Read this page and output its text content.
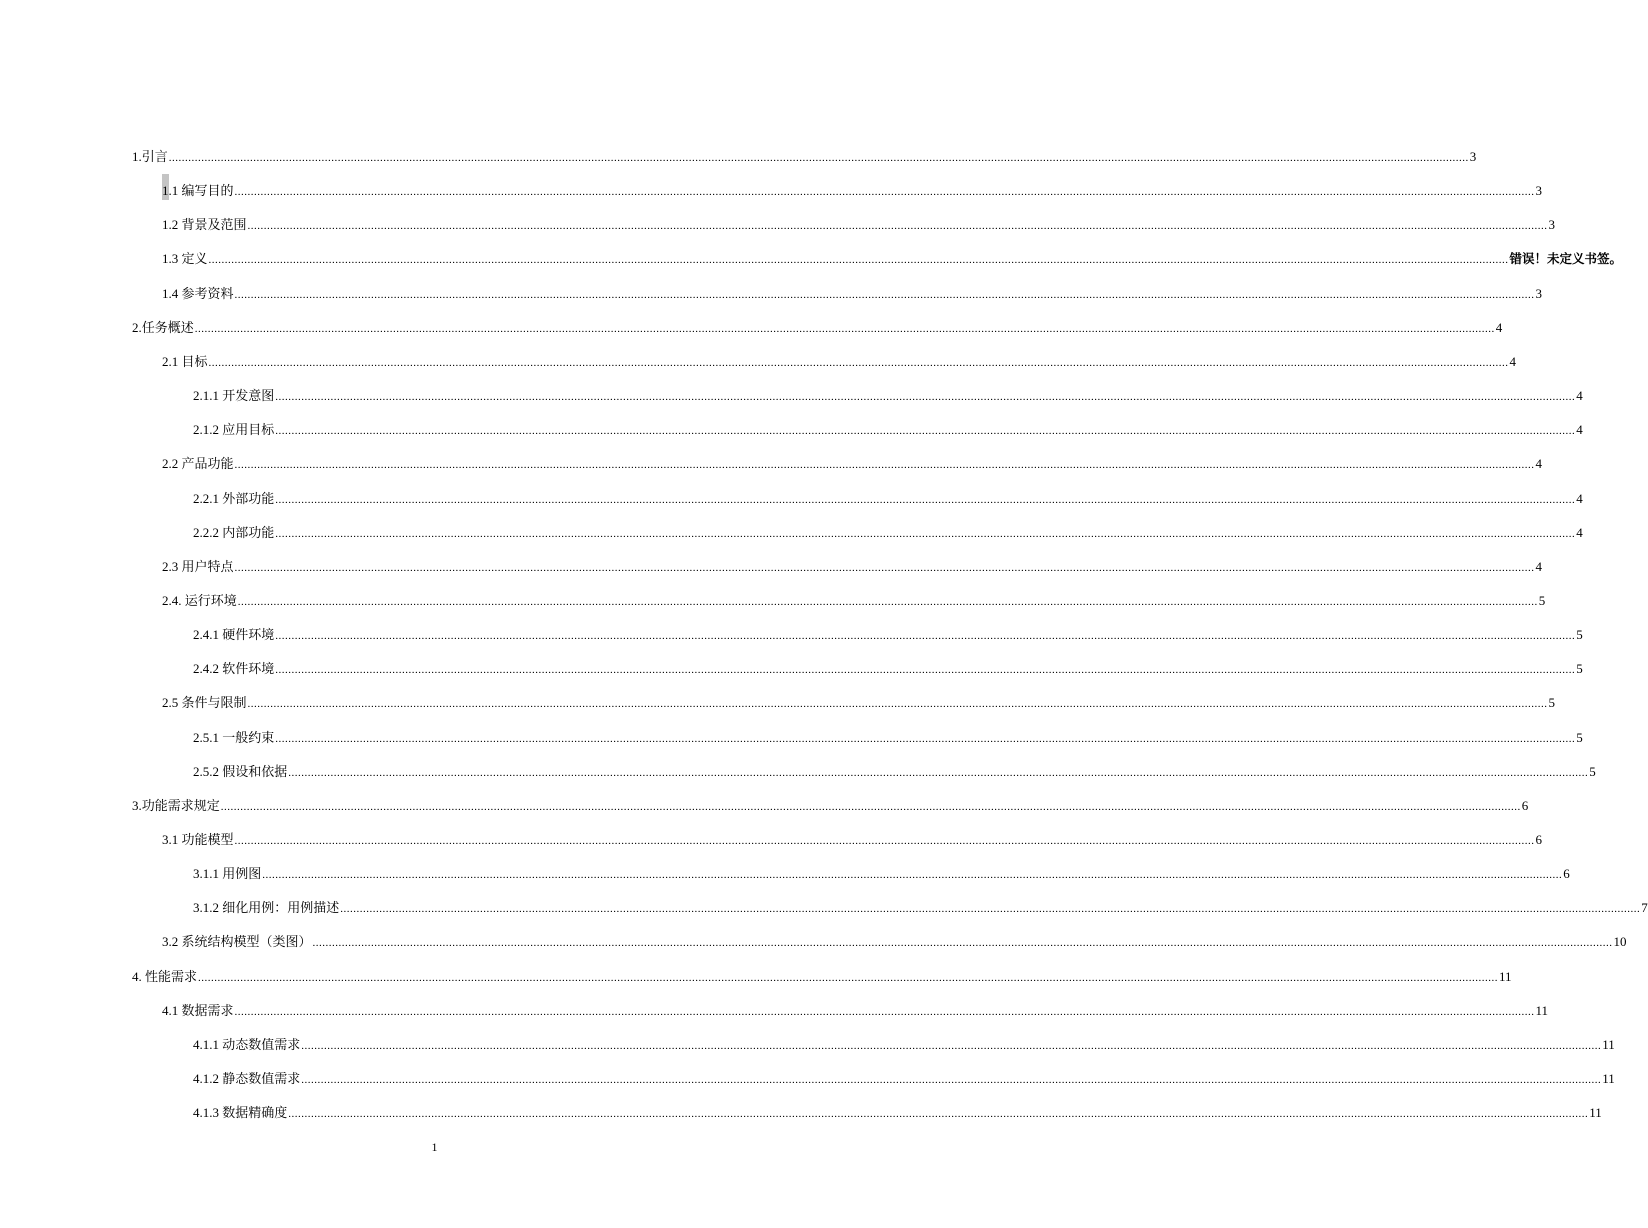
1.引言 ................................................................................................................................................................................................................................................................................................................................................................................................................ 3
1.1 编写目的 ................................................................................................................................................................................................................................................................................................................................................................................................................ 3
1.2 背景及范围 ................................................................................................................................................................................................................................................................................................................................................................................................................ 3
1.3 定义 ................................................................................................................................................................................................................................................................................................................................................................................................................ 错误！未定义书签。
1.4 参考资料 ................................................................................................................................................................................................................................................................................................................................................................................................................ 3
2.任务概述 ................................................................................................................................................................................................................................................................................................................................................................................................................ 4
2.1 目标 ................................................................................................................................................................................................................................................................................................................................................................................................................ 4
2.1.1 开发意图 ................................................................................................................................................................................................................................................................................................................................................................................................................ 4
2.1.2 应用目标 ................................................................................................................................................................................................................................................................................................................................................................................................................ 4
2.2 产品功能 ................................................................................................................................................................................................................................................................................................................................................................................................................ 4
2.2.1 外部功能 ................................................................................................................................................................................................................................................................................................................................................................................................................ 4
2.2.2 内部功能 ................................................................................................................................................................................................................................................................................................................................................................................................................ 4
2.3 用户特点 ................................................................................................................................................................................................................................................................................................................................................................................................................ 4
2.4. 运行环境 ................................................................................................................................................................................................................................................................................................................................................................................................................ 5
2.4.1 硬件环境 ................................................................................................................................................................................................................................................................................................................................................................................................................ 5
2.4.2 软件环境 ................................................................................................................................................................................................................................................................................................................................................................................................................ 5
2.5 条件与限制 ................................................................................................................................................................................................................................................................................................................................................................................................................ 5
2.5.1 一般约束 ................................................................................................................................................................................................................................................................................................................................................................................................................ 5
2.5.2 假设和依据 ................................................................................................................................................................................................................................................................................................................................................................................................................ 5
3.功能需求规定 ................................................................................................................................................................................................................................................................................................................................................................................................................ 6
3.1 功能模型 ................................................................................................................................................................................................................................................................................................................................................................................................................ 6
3.1.1 用例图 ................................................................................................................................................................................................................................................................................................................................................................................................................ 6
3.1.2 细化用例：用例描述 ................................................................................................................................................................................................................................................................................................................................................................................................................ 7
3.2 系统结构模型（类图） ................................................................................................................................................................................................................................................................................................................................................................................................................ 10
4. 性能需求 ................................................................................................................................................................................................................................................................................................................................................................................................................ 11
4.1 数据需求 ................................................................................................................................................................................................................................................................................................................................................................................................................ 11
4.1.1 动态数值需求 ................................................................................................................................................................................................................................................................................................................................................................................................................ 11
4.1.2 静态数值需求 ................................................................................................................................................................................................................................................................................................................................................................................................................ 11
4.1.3 数据精确度 ................................................................................................................................................................................................................................................................................................................................................................................................................ 11
1
